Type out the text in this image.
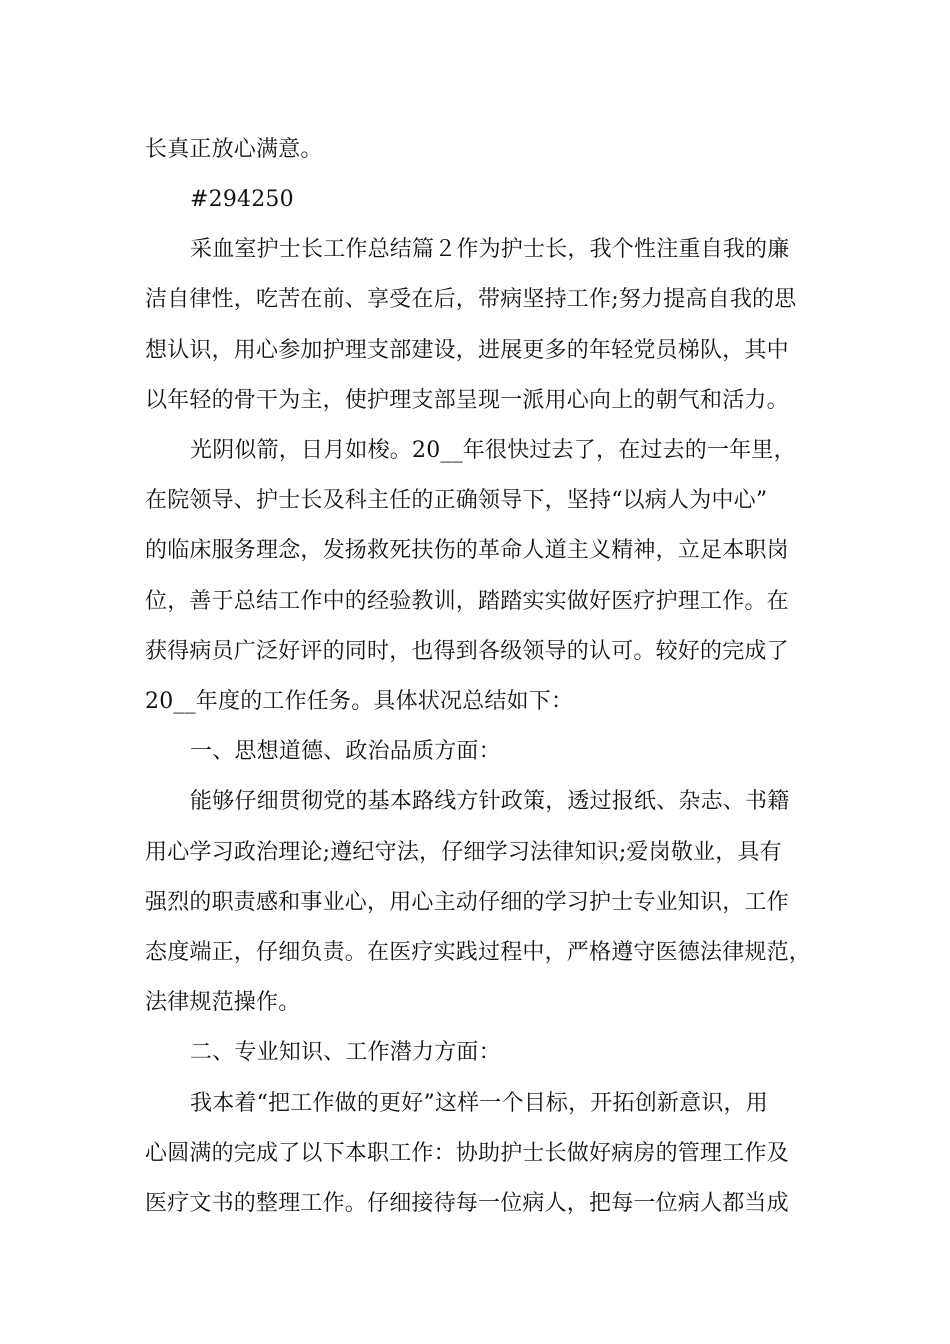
长真正放心满意。
#294250
采血室护士长工作总结篇２作为护士长，我个性注重自我的廉
洁自律性，吃苦在前、享受在后，带病坚持工作;努力提高自我的思
想认识，用心参加护理支部建设，进展更多的年轻党员梯队，其中
以年轻的骨干为主，使护理支部呈现一派用心向上的朝气和活力。
光阴似箭，日月如梭。20__年很快过去了，在过去的一年里，
在院领导、护士长及科主任的正确领导下，坚持“以病人为中心”
的临床服务理念，发扬救死扶伤的革命人道主义精神，立足本职岗
位，善于总结工作中的经验教训，踏踏实实做好医疗护理工作。在
获得病员广泛好评的同时，也得到各级领导的认可。较好的完成了
20__年度的工作任务。具体状况总结如下：
一、思想道德、政治品质方面：
能够仔细贯彻党的基本路线方针政策，透过报纸、杂志、书籍
用心学习政治理论;遵纪守法，仔细学习法律知识;爱岗敬业，具有
强烈的职责感和事业心，用心主动仔细的学习护士专业知识，工作
态度端正，仔细负责。在医疗实践过程中，严格遵守医德法律规范，
法律规范操作。
二、专业知识、工作潜力方面：
我本着“把工作做的更好”这样一个目标，开拓创新意识，用
心圆满的完成了以下本职工作：协助护士长做好病房的管理工作及
医疗文书的整理工作。仔细接待每一位病人，把每一位病人都当成
